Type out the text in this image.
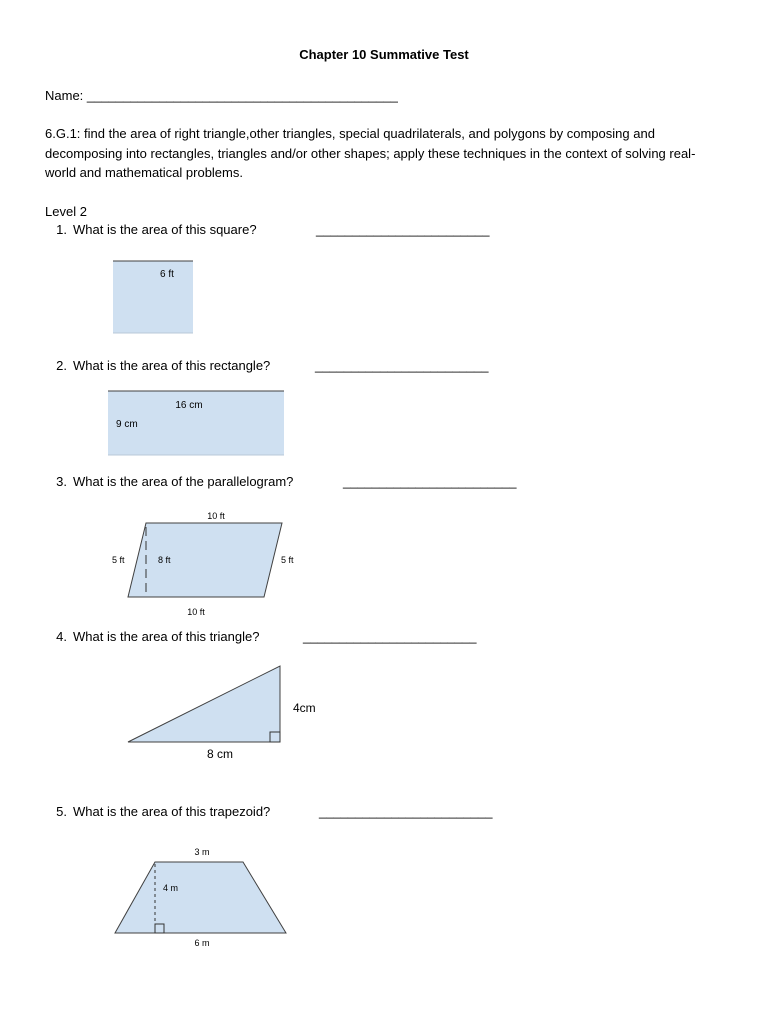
Chapter 10 Summative Test
Name: ___________________________________________
6.G.1: find the area of right triangle,other triangles, special quadrilaterals, and polygons by composing and decomposing into rectangles, triangles and/or other shapes; apply these techniques in the context of solving real-world and mathematical problems.
Level 2
1. What is the area of this square?	________________________
6 ft
2. What is the area of this rectangle?	________________________
16 cm
9 cm
3. What is the area of the parallelogram?	________________________
10 ft
10 ft
5 ft	5 ft
8 ft
4. What is the area of this triangle?	________________________
4cm
8 cm
5. What is the area of this trapezoid?	________________________
3 m
4 m
6 m
